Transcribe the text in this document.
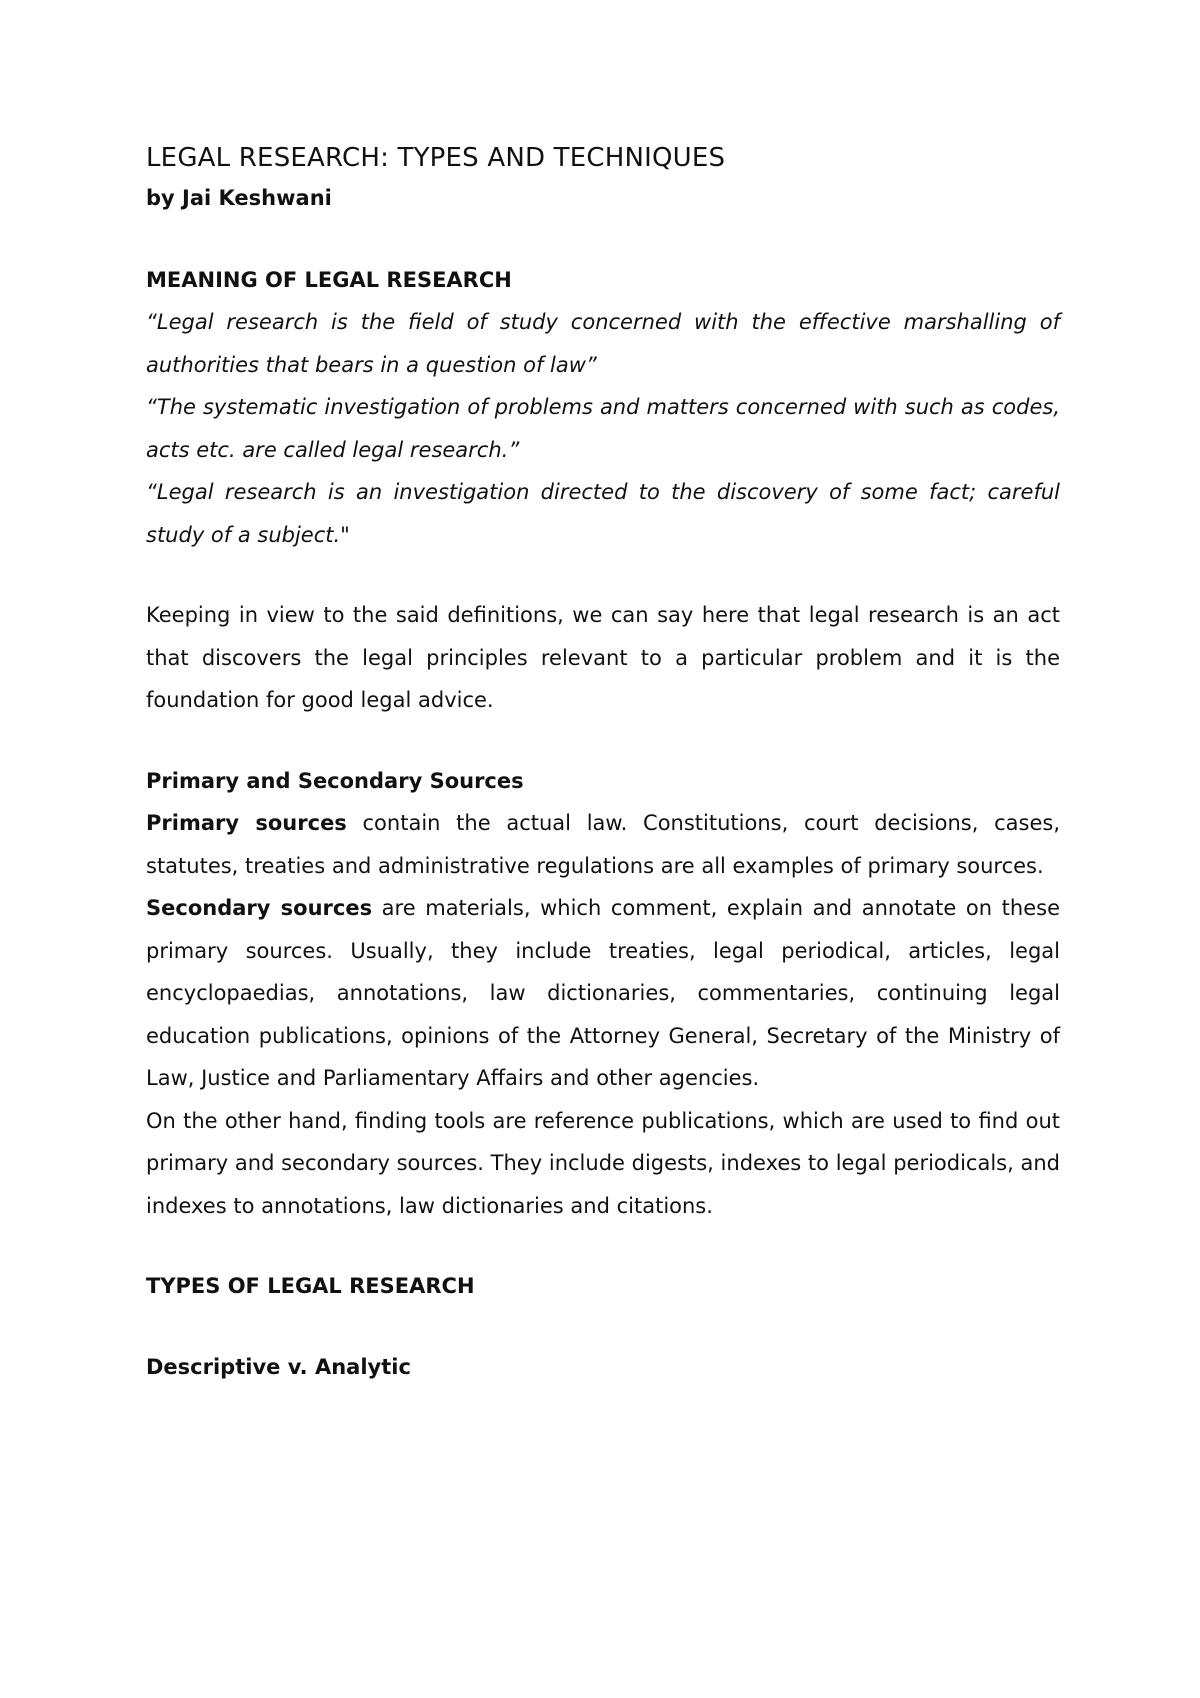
LEGAL RESEARCH: TYPES AND TECHNIQUES

by Jai Keshwani

MEANING OF LEGAL RESEARCH

“Legal research is the field of study concerned with the effective marshalling of authorities that bears in a question of law”

“The systematic investigation of problems and matters concerned with such as codes, acts etc. are called legal research.”

“Legal research is an investigation directed to the discovery of some fact; careful study of a subject."

Keeping in view to the said definitions, we can say here that legal research is an act that discovers the legal principles relevant to a particular problem and it is the foundation for good legal advice.

Primary and Secondary Sources

Primary sources contain the actual law. Constitutions, court decisions, cases, statutes, treaties and administrative regulations are all examples of primary sources.

Secondary sources are materials, which comment, explain and annotate on these primary sources. Usually, they include treaties, legal periodical, articles, legal encyclopaedias, annotations, law dictionaries, commentaries, continuing legal education publications, opinions of the Attorney General, Secretary of the Ministry of Law, Justice and Parliamentary Affairs and other agencies.

On the other hand, finding tools are reference publications, which are used to find out primary and secondary sources. They include digests, indexes to legal periodicals, and indexes to annotations, law dictionaries and citations.

TYPES OF LEGAL RESEARCH
Descriptive v. Analytic
